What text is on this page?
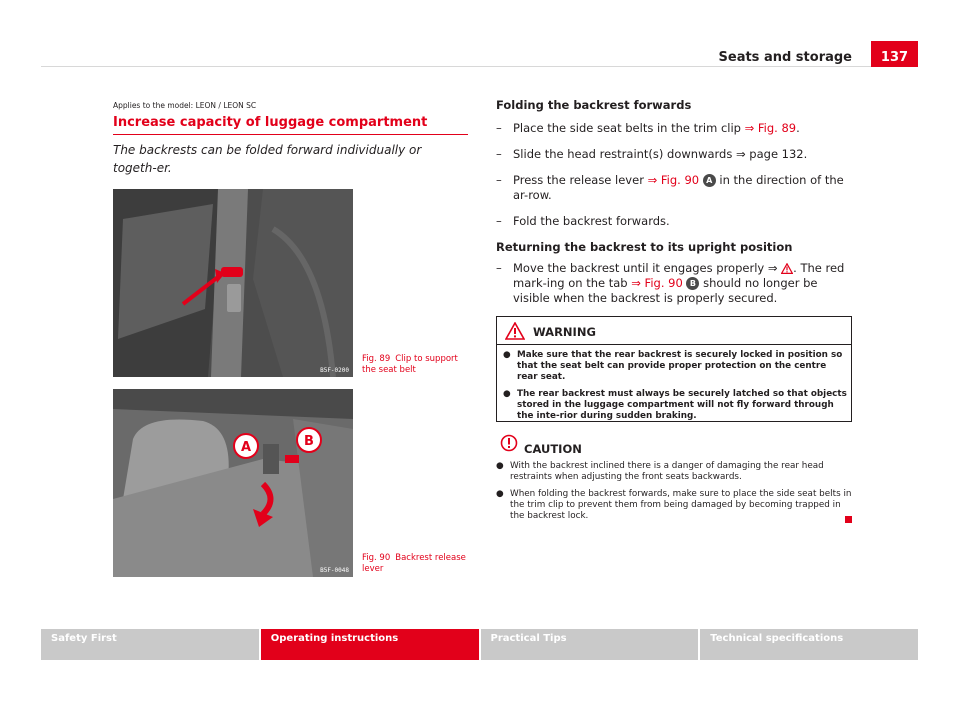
Seats and storage	137
Applies to the model: LEON / LEON SC
Increase capacity of luggage compartment
The backrests can be folded forward individually or togeth-er.
B5F-0200
Fig. 89 Clip to support the seat belt
A	B
B5F-0048
Fig. 90 Backrest release lever
Folding the backrest forwards
– Place the side seat belts in the trim clip ⇒ Fig. 89.
– Slide the head restraint(s) downwards ⇒ page 132.
– Press the release lever ⇒ Fig. 90 A in the direction of the ar-row.
– Fold the backrest forwards.
Returning the backrest to its upright position
– Move the backrest until it engages properly ⇒ . The red mark-ing on the tab ⇒ Fig. 90 B should no longer be visible when the backrest is properly secured.
WARNING
● Make sure that the rear backrest is securely locked in position so that the seat belt can provide proper protection on the centre rear seat.
● The rear backrest must always be securely latched so that objects stored in the luggage compartment will not fly forward through the inte-rior during sudden braking.
CAUTION
● With the backrest inclined there is a danger of damaging the rear head restraints when adjusting the front seats backwards.
● When folding the backrest forwards, make sure to place the side seat belts in the trim clip to prevent them from being damaged by becoming trapped in the backrest lock.
Safety First	Operating instructions	Practical Tips	Technical specifications
